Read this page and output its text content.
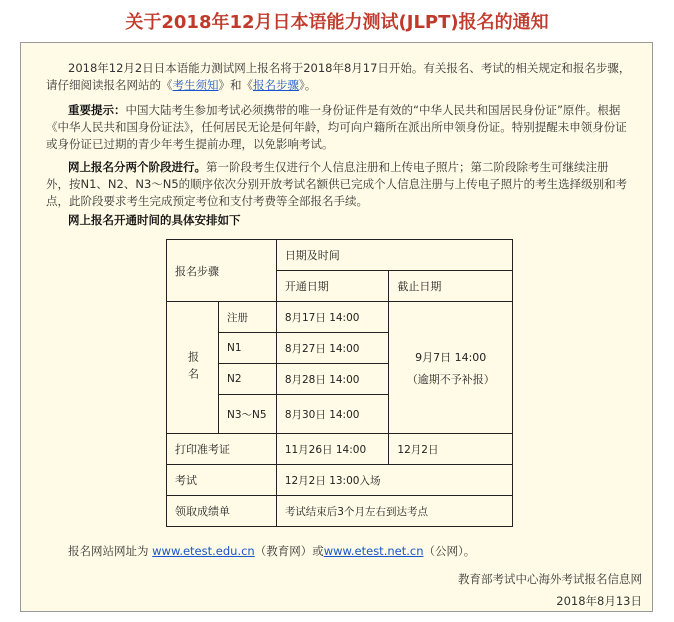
关于2018年12月日本语能力测试(JLPT)报名的通知
2018年12月2日日本语能力测试网上报名将于2018年8月17日开始。有关报名、考试的相关规定和报名步骤，请仔细阅读报名网站的《考生须知》和《报名步骤》。
重要提示：中国大陆考生参加考试必须携带的唯一身份证件是有效的“中华人民共和国居民身份证”原件。根据《中华人民共和国身份证法》，任何居民无论是何年龄，均可向户籍所在派出所申领身份证。特别提醒未申领身份证或身份证已过期的青少年考生提前办理，以免影响考试。
网上报名分两个阶段进行。第一阶段考生仅进行个人信息注册和上传电子照片；第二阶段除考生可继续注册外，按N1、N2、N3～N5的顺序依次分别开放考试名额供已完成个人信息注册与上传电子照片的考生选择级别和考点，此阶段要求考生完成预定考位和支付考费等全部报名手续。
网上报名开通时间的具体安排如下
报名步骤		日期及时间	
		开通日期	截止日期
报名	注册	8月17日 14:00	9月7日 14:00
（逾期不予补报）

	N1	8月27日 14:00	
	N2	8月28日 14:00	
	N3～N5	8月30日 14:00	
打印准考证		11月26日 14:00	12月2日
考试		12月2日 13:00入场	
领取成绩单		考试结束后3个月左右到达考点	
报名网站网址为 www.etest.edu.cn（教育网）或www.etest.net.cn（公网）。
教育部考试中心海外考试报名信息网
2018年8月13日
